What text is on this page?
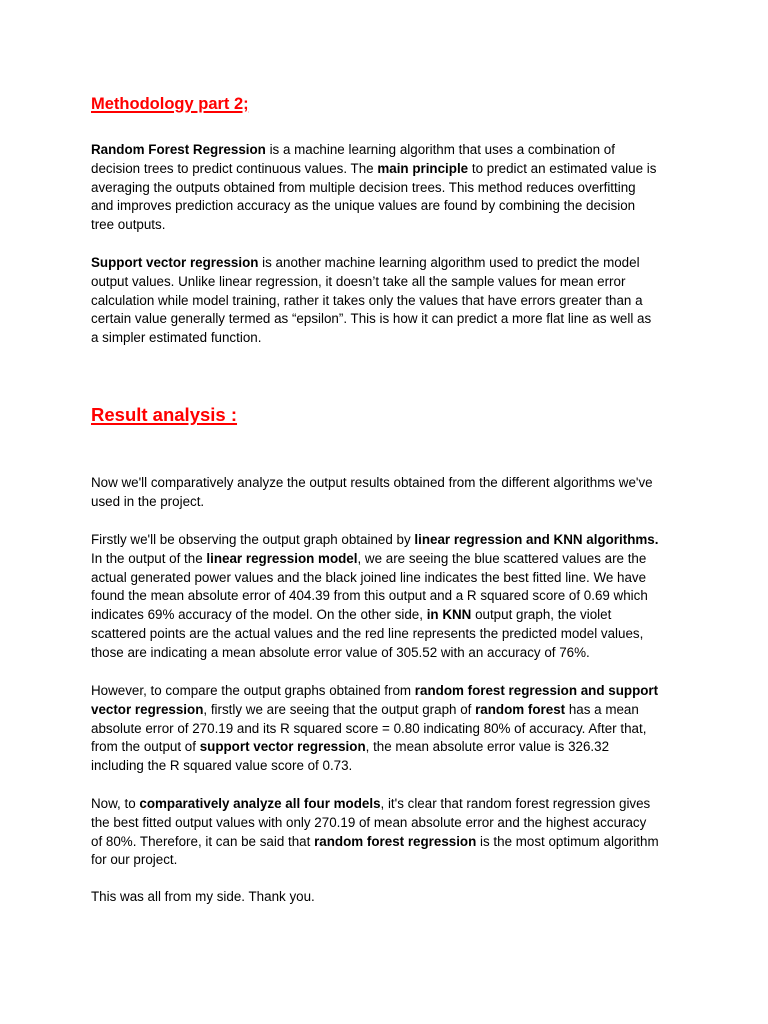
Methodology part 2;
Random Forest Regression is a machine learning algorithm that uses a combination of
decision trees to predict continuous values. The main principle to predict an estimated value is
averaging the outputs obtained from multiple decision trees. This method reduces overfitting
and improves prediction accuracy as the unique values are found by combining the decision
tree outputs.
Support vector regression is another machine learning algorithm used to predict the model
output values. Unlike linear regression, it doesn’t take all the sample values for mean error
calculation while model training, rather it takes only the values that have errors greater than a
certain value generally termed as “epsilon”. This is how it can predict a more flat line as well as
a simpler estimated function.
Result analysis :
Now we'll comparatively analyze the output results obtained from the different algorithms we've
used in the project.
Firstly we'll be observing the output graph obtained by linear regression and KNN algorithms.
In the output of the linear regression model, we are seeing the blue scattered values are the
actual generated power values and the black joined line indicates the best fitted line. We have
found the mean absolute error of 404.39 from this output and a R squared score of 0.69 which
indicates 69% accuracy of the model. On the other side, in KNN output graph, the violet
scattered points are the actual values and the red line represents the predicted model values,
those are indicating a mean absolute error value of 305.52 with an accuracy of 76%.
However, to compare the output graphs obtained from random forest regression and support
vector regression, firstly we are seeing that the output graph of random forest has a mean
absolute error of 270.19 and its R squared score = 0.80 indicating 80% of accuracy. After that,
from the output of support vector regression, the mean absolute error value is 326.32
including the R squared value score of 0.73.
Now, to comparatively analyze all four models, it's clear that random forest regression gives
the best fitted output values with only 270.19 of mean absolute error and the highest accuracy
of 80%. Therefore, it can be said that random forest regression is the most optimum algorithm
for our project.
This was all from my side. Thank you.
